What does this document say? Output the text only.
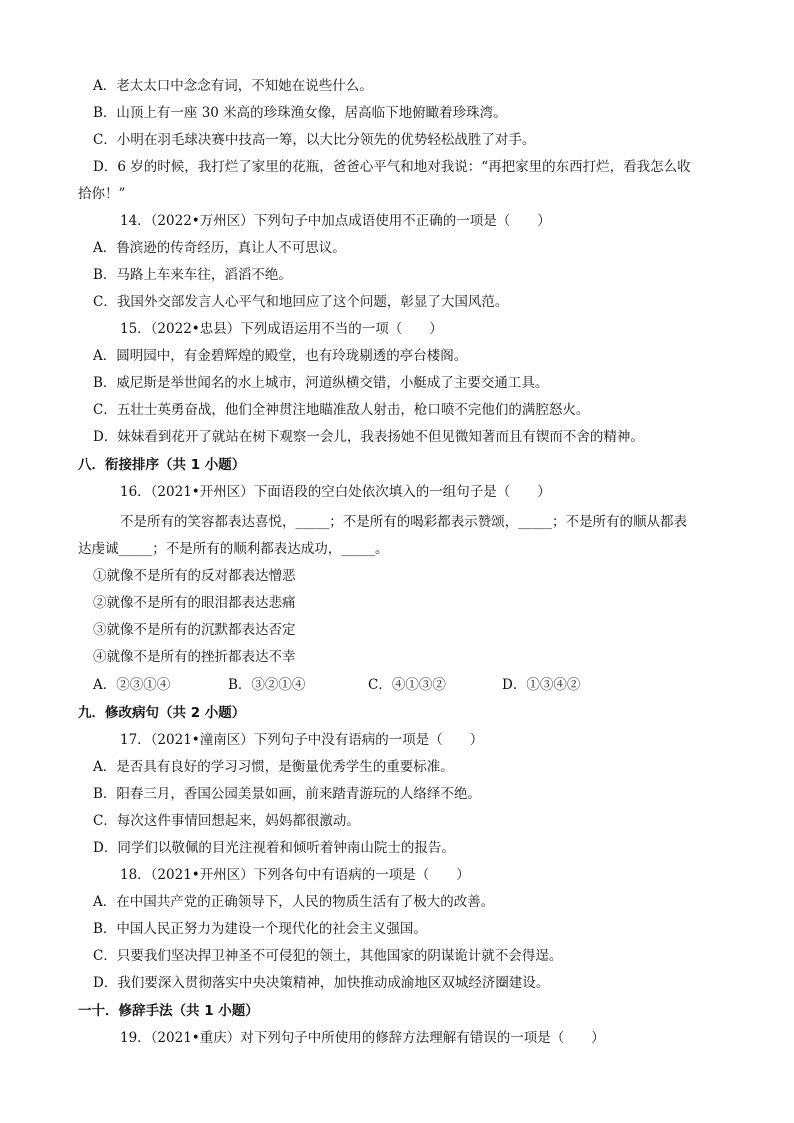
A．老太太口中念念有词，不知她在说些什么。
B．山顶上有一座 30 米高的珍珠渔女像，居高临下地俯瞰着珍珠湾。
C．小明在羽毛球决赛中技高一筹，以大比分领先的优势轻松战胜了对手。
D．6 岁的时候，我打烂了家里的花瓶，爸爸心平气和地对我说：“再把家里的东西打烂，看我怎么收
拾你！”
14．（2022•万州区）下列句子中加点成语使用不正确的一项是（　　）
A．鲁滨逊的传奇经历，真让人不可思议。
B．马路上车来车往，滔滔不绝。
C．我国外交部发言人心平气和地回应了这个问题，彰显了大国风范。
15．（2022•忠县）下列成语运用不当的一项（　　）
A．圆明园中，有金碧辉煌的殿堂，也有玲珑剔透的亭台楼阁。
B．威尼斯是举世闻名的水上城市，河道纵横交错，小艇成了主要交通工具。
C．五壮士英勇奋战，他们全神贯注地瞄准敌人射击，枪口喷不完他们的满腔怒火。
D．妹妹看到花开了就站在树下观察一会儿，我表扬她不但见微知著而且有锲而不舍的精神。
八．衔接排序（共 1 小题）
16．（2021•开州区）下面语段的空白处依次填入的一组句子是（　　）
不是所有的笑容都表达喜悦，_____；不是所有的喝彩都表示赞颂，_____；不是所有的顺从都表
达虔诚_____；不是所有的顺利都表达成功，_____。
①就像不是所有的反对都表达憎恶
②就像不是所有的眼泪都表达悲痛
③就像不是所有的沉默都表达否定
④就像不是所有的挫折都表达不幸
A．②③①④	B．③②①④	C．④①③②	D．①③④②
九．修改病句（共 2 小题）
17．（2021•潼南区）下列句子中没有语病的一项是（　　）
A．是否具有良好的学习习惯，是衡量优秀学生的重要标准。
B．阳春三月，香国公园美景如画，前来踏青游玩的人络绎不绝。
C．每次这件事情回想起来，妈妈都很激动。
D．同学们以敬佩的目光注视着和倾听着钟南山院士的报告。
18．（2021•开州区）下列各句中有语病的一项是（　　）
A．在中国共产党的正确领导下，人民的物质生活有了极大的改善。
B．中国人民正努力为建设一个现代化的社会主义强国。
C．只要我们坚决捍卫神圣不可侵犯的领土，其他国家的阴谋诡计就不会得逞。
D．我们要深入贯彻落实中央决策精神，加快推动成渝地区双城经济圈建设。
一十．修辞手法（共 1 小题）
19．（2021•重庆）对下列句子中所使用的修辞方法理解有错误的一项是（　　）
